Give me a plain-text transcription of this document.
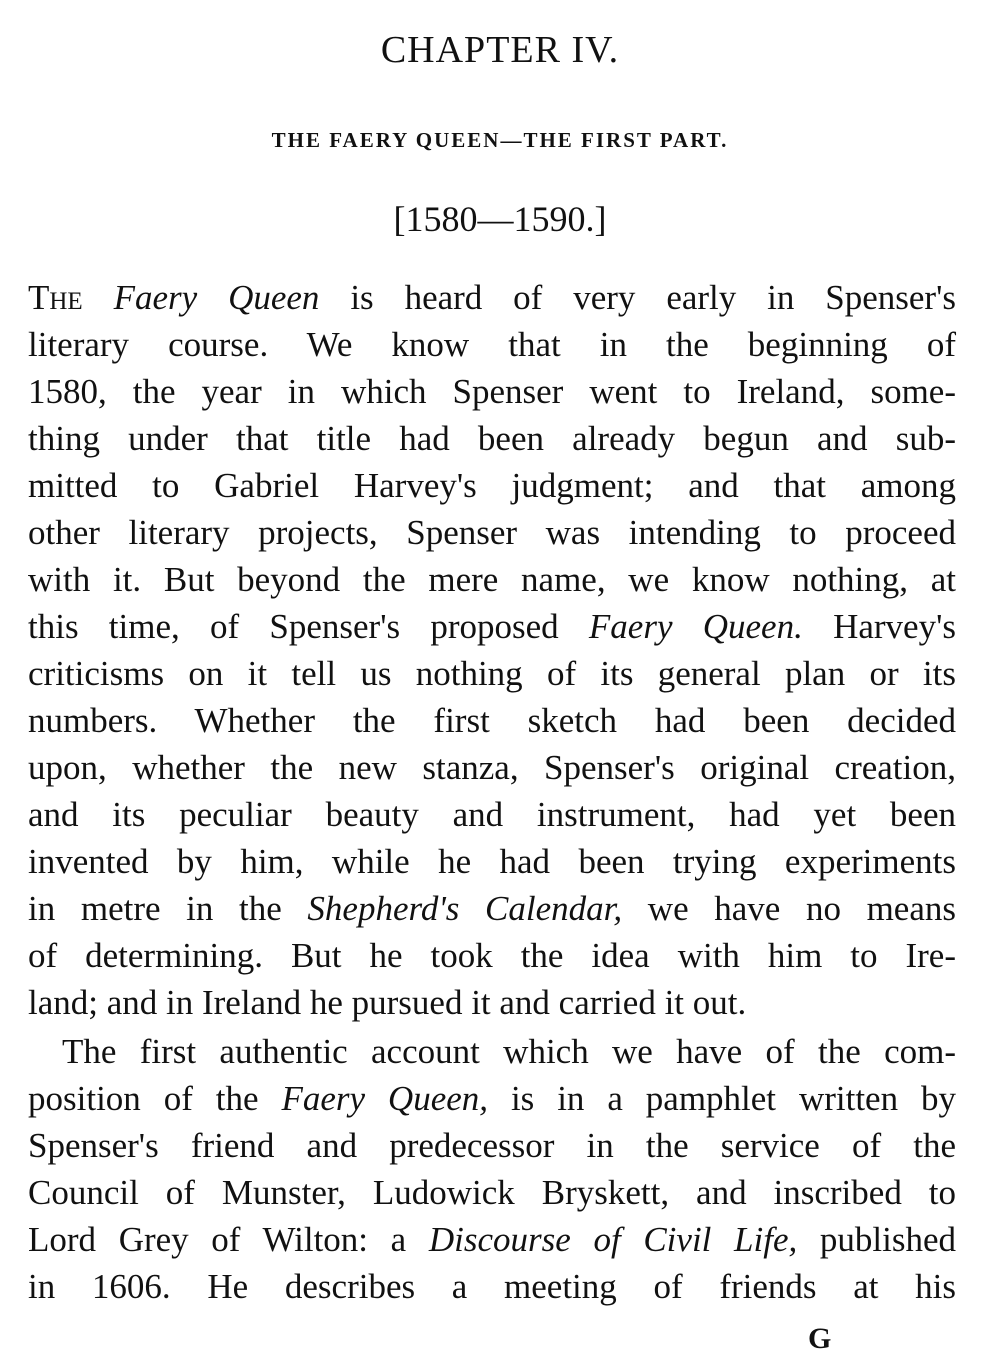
CHAPTER IV.
THE FAERY QUEEN—THE FIRST PART.
[1580—1590.]
The Faery Queen is heard of very early in Spenser's
literary course. We know that in the beginning of
1580, the year in which Spenser went to Ireland, some-
thing under that title had been already begun and sub-
mitted to Gabriel Harvey's judgment; and that among
other literary projects, Spenser was intending to proceed
with it. But beyond the mere name, we know nothing, at
this time, of Spenser's proposed Faery Queen. Harvey's
criticisms on it tell us nothing of its general plan or its
numbers. Whether the first sketch had been decided
upon, whether the new stanza, Spenser's original creation,
and its peculiar beauty and instrument, had yet been
invented by him, while he had been trying experiments
in metre in the Shepherd's Calendar, we have no means
of determining. But he took the idea with him to Ire-
land; and in Ireland he pursued it and carried it out.
The first authentic account which we have of the com-
position of the Faery Queen, is in a pamphlet written by
Spenser's friend and predecessor in the service of the
Council of Munster, Ludowick Bryskett, and inscribed to
Lord Grey of Wilton: a Discourse of Civil Life, published
in 1606. He describes a meeting of friends at his
G
